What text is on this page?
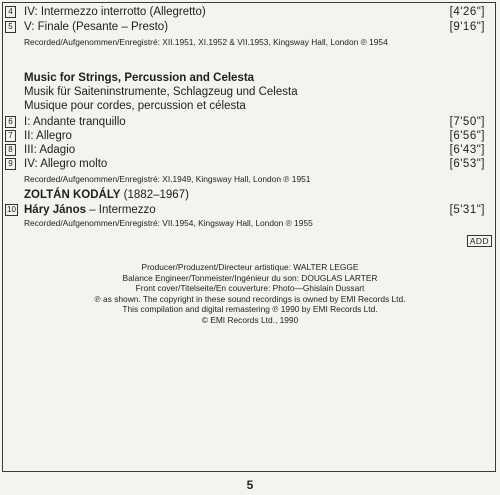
4 IV: Intermezzo interrotto (Allegretto)	[4'26"]
5 V: Finale (Pesante – Presto)	[9'16"]
Recorded/Aufgenommen/Enregistré: XII.1951, XI.1952 & VII.1953, Kingsway Hall, London ℗ 1954
Music for Strings, Percussion and Celesta
Musik für Saiteninstrumente, Schlagzeug und Celesta
Musique pour cordes, percussion et célesta
6 I: Andante tranquillo	[7'50"]
7 II: Allegro	[6'56"]
8 III: Adagio	[6'43"]
9 IV: Allegro molto	[6'53"]
Recorded/Aufgenommen/Enregistré: XI.1949, Kingsway Hall, London ℗ 1951
ZOLTÁN KODÁLY (1882–1967)
10 Háry János – Intermezzo	[5'31"]
Recorded/Aufgenommen/Enregistré: VII.1954, Kingsway Hall, London ℗ 1955
ADD
Producer/Produzent/Directeur artistique: WALTER LEGGE
Balance Engineer/Tonmeister/Ingénieur du son: DOUGLAS LARTER
Front cover/Titelseite/En couverture: Photo—Ghislain Dussart
℗ as shown. The copyright in these sound recordings is owned by EMI Records Ltd.
This compilation and digital remastering ℗ 1990 by EMI Records Ltd.
© EMI Records Ltd., 1990
5
